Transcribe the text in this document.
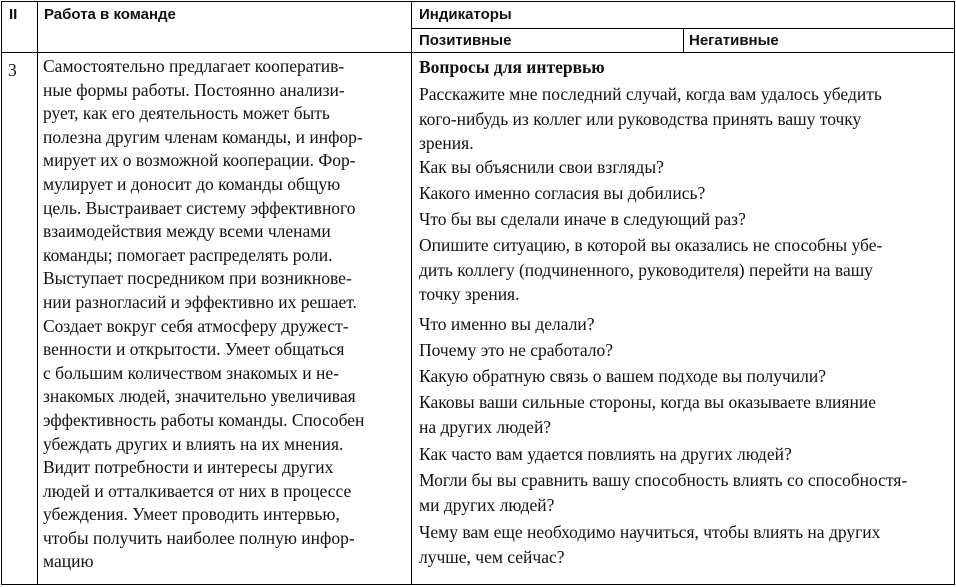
II Работа в команде	Индикаторы
Позитивные	Негативные
3 Самостоятельно предлагает кооператив-
ные формы работы. Постоянно анализи-
рует, как его деятельность может быть
полезна другим членам команды, и инфор-
мирует их о возможной кооперации. Фор-
мулирует и доносит до команды общую
цель. Выстраивает систему эффективного
взаимодействия между всеми членами
команды; помогает распределять роли.
Выступает посредником при возникнове-
нии разногласий и эффективно их решает.
Создает вокруг себя атмосферу дружест-
венности и открытости. Умеет общаться
с большим количеством знакомых и не-
знакомых людей, значительно увеличивая
эффективность работы команды. Способен
убеждать других и влиять на их мнения.
Видит потребности и интересы других
людей и отталкивается от них в процессе
убеждения. Умеет проводить интервью,
чтобы получить наиболее полную инфор-
мацию
Вопросы для интервью
Расскажите мне последний случай, когда вам удалось убедить
кого-нибудь из коллег или руководства принять вашу точку
зрения.
Как вы объяснили свои взгляды?
Какого именно согласия вы добились?
Что бы вы сделали иначе в следующий раз?
Опишите ситуацию, в которой вы оказались не способны убе-
дить коллегу (подчиненного, руководителя) перейти на вашу
точку зрения.
Что именно вы делали?
Почему это не сработало?
Какую обратную связь о вашем подходе вы получили?
Каковы ваши сильные стороны, когда вы оказываете влияние
на других людей?
Как часто вам удается повлиять на других людей?
Могли бы вы сравнить вашу способность влиять со способностя-
ми других людей?
Чему вам еще необходимо научиться, чтобы влиять на других
лучше, чем сейчас?
